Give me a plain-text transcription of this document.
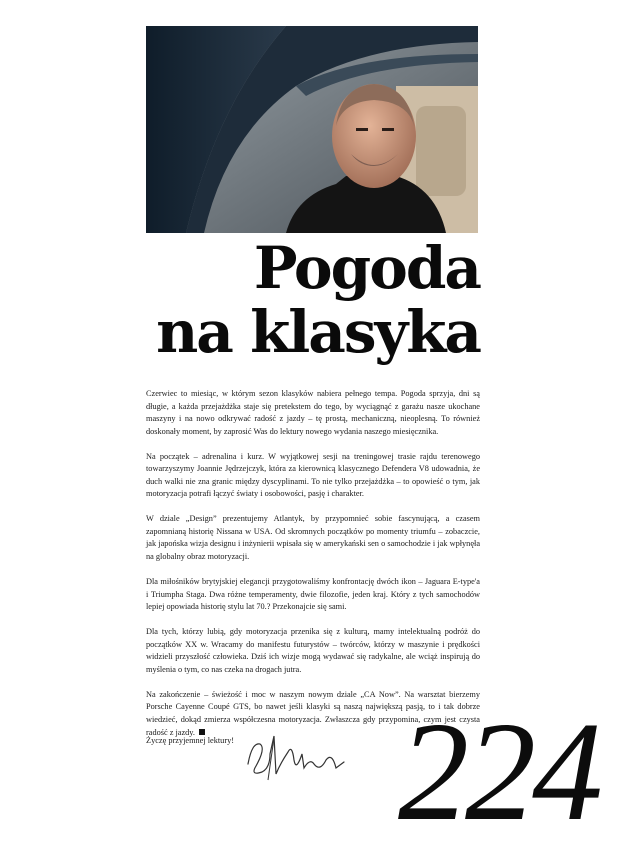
Pogoda
na klasyka

Czerwiec to miesiąc, w którym sezon klasyków nabiera pełnego tempa. Pogoda sprzyja, dni są długie, a każda przejażdżka staje się pretekstem do tego, by wyciągnąć z garażu nasze ukochane maszyny i na nowo odkrywać radość z jazdy – tę prostą, mechaniczną, nieoplesną. To również doskonały moment, by zaprosić Was do lektury nowego wydania naszego miesięcznika.

Na początek – adrenalina i kurz. W wyjątkowej sesji na treningowej trasie rajdu terenowego towarzyszymy Joannie Jędrzejczyk, która za kierownicą klasycznego Defendera V8 udowadnia, że duch walki nie zna granic między dyscyplinami. To nie tylko przejażdżka – to opowieść o tym, jak motoryzacja potrafi łączyć światy i osobowości, pasję i charakter.

W dziale „Design” prezentujemy Atlantyk, by przypomnieć sobie fascynującą, a czasem zapomnianą historię Nissana w USA. Od skromnych początków po momenty triumfu – zobaczcie, jak japońska wizja designu i inżynierii wpisała się w amerykański sen o samochodzie i jak wpłynęła na globalny obraz motoryzacji.

Dla miłośników brytyjskiej elegancji przygotowaliśmy konfrontację dwóch ikon – Jaguara E-type'a i Triumpha Staga. Dwa różne temperamenty, dwie filozofie, jeden kraj. Który z tych samochodów lepiej opowiada historię stylu lat 70.? Przekonajcie się sami.

Dla tych, którzy lubią, gdy motoryzacja przenika się z kulturą, mamy intelektualną podróż do początków XX w. Wracamy do manifestu futurystów – twórców, którzy w maszynie i prędkości widzieli przyszłość człowieka. Dziś ich wizje mogą wydawać się radykalne, ale wciąż inspirują do myślenia o tym, co nas czeka na drogach jutra.

Na zakończenie – świeżość i moc w naszym nowym dziale „CA Now”. Na warsztat bierzemy Porsche Cayenne Coupé GTS, bo nawet jeśli klasyki są naszą największą pasją, to i tak dobrze wiedzieć, dokąd zmierza współczesna motoryzacja. Zwłaszcza gdy przypomina, czym jest czysta radość z jazdy.

Życzę przyjemnej lektury! 224
